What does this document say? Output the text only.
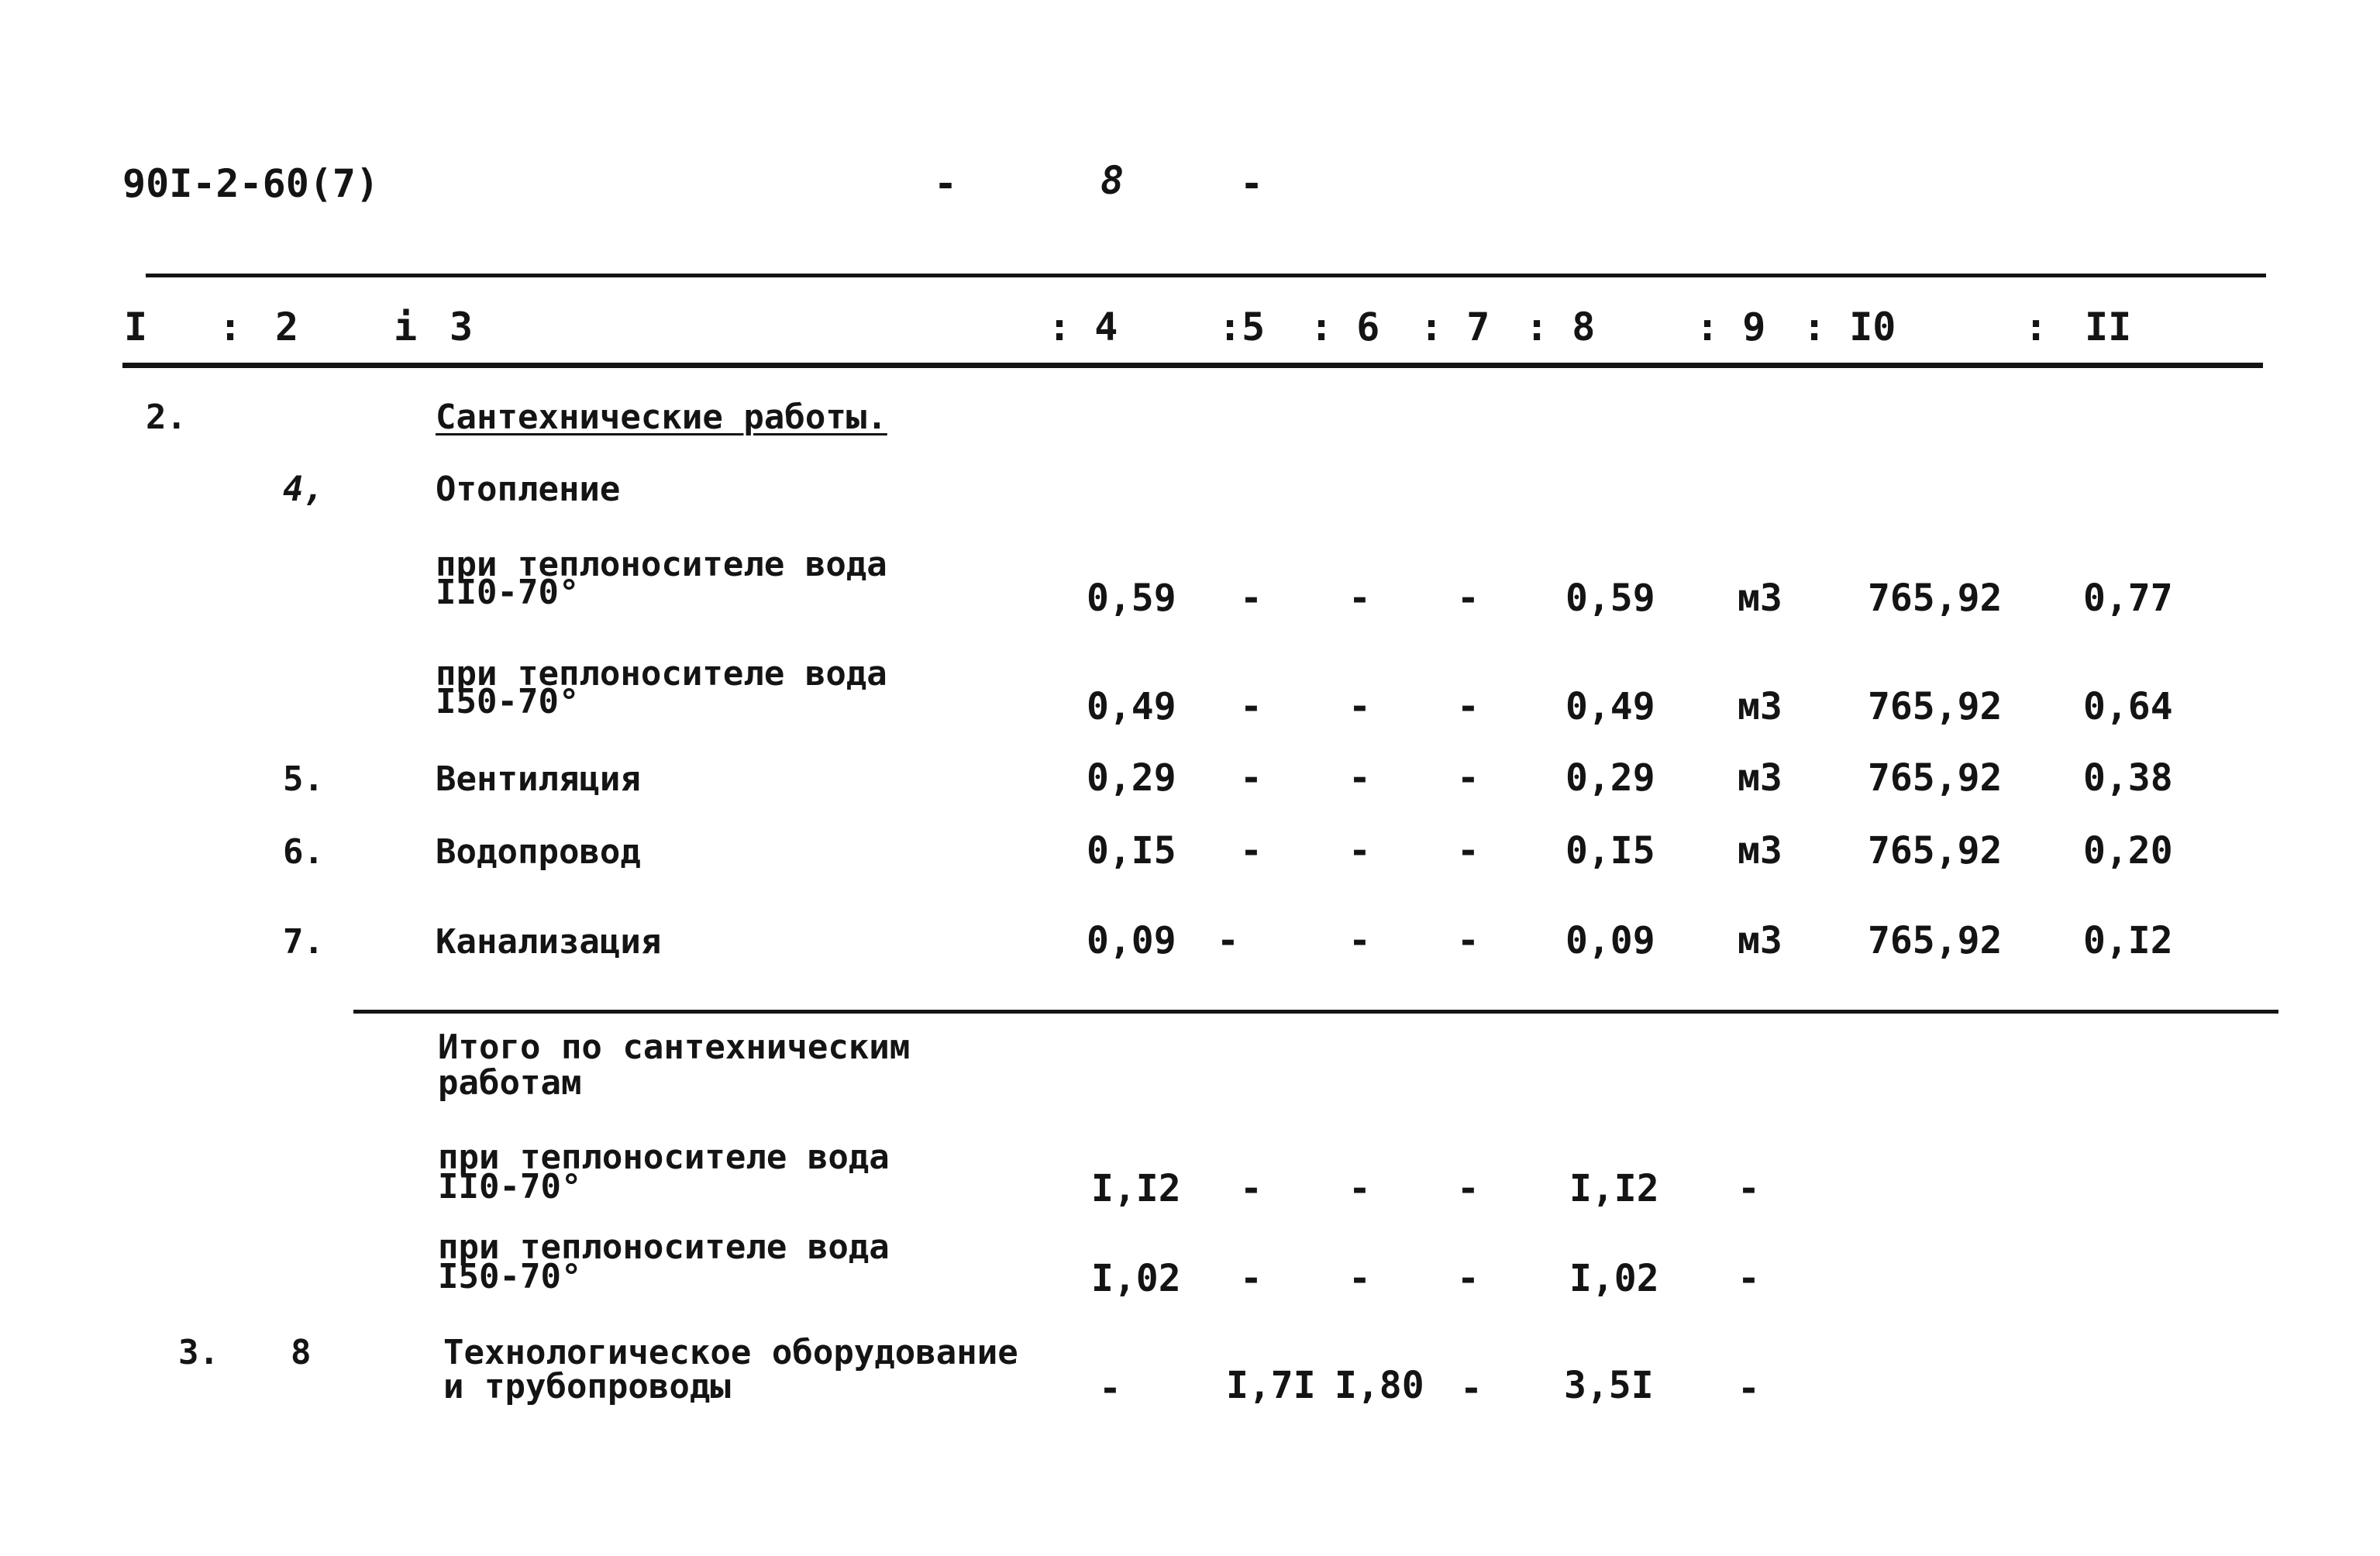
90I-2-60(7)	-	8	-
I : 2 і 3	: 4	:5 : 6 : 7 : 8	: 9 : I0	: II
2.	Сантехнические работы.
4,	Отопление
при теплоносителе вода
II0-70°	0,59 - - - 0,59 м3 765,92 0,77
при теплоносителе вода
I50-70°	0,49 - - - 0,49 м3 765,92 0,64
5.	Вентиляция	0,29 - - - 0,29 м3 765,92 0,38
6.	Водопровод	0,I5 - - - 0,I5 м3 765,92 0,20
7.	Канализация	0,09 -	- - 0,09 м3 765,92 0,I2
Итого по сантехническим
работам
при теплоносителе вода
II0-70°	I,I2 - - - I,I2 -
при теплоносителе вода
I50-70°	I,02 - - - I,02 -
3. 8	Технологическое оборудование
и трубопроводы	-	I,7I I,80 - 3,5I -
